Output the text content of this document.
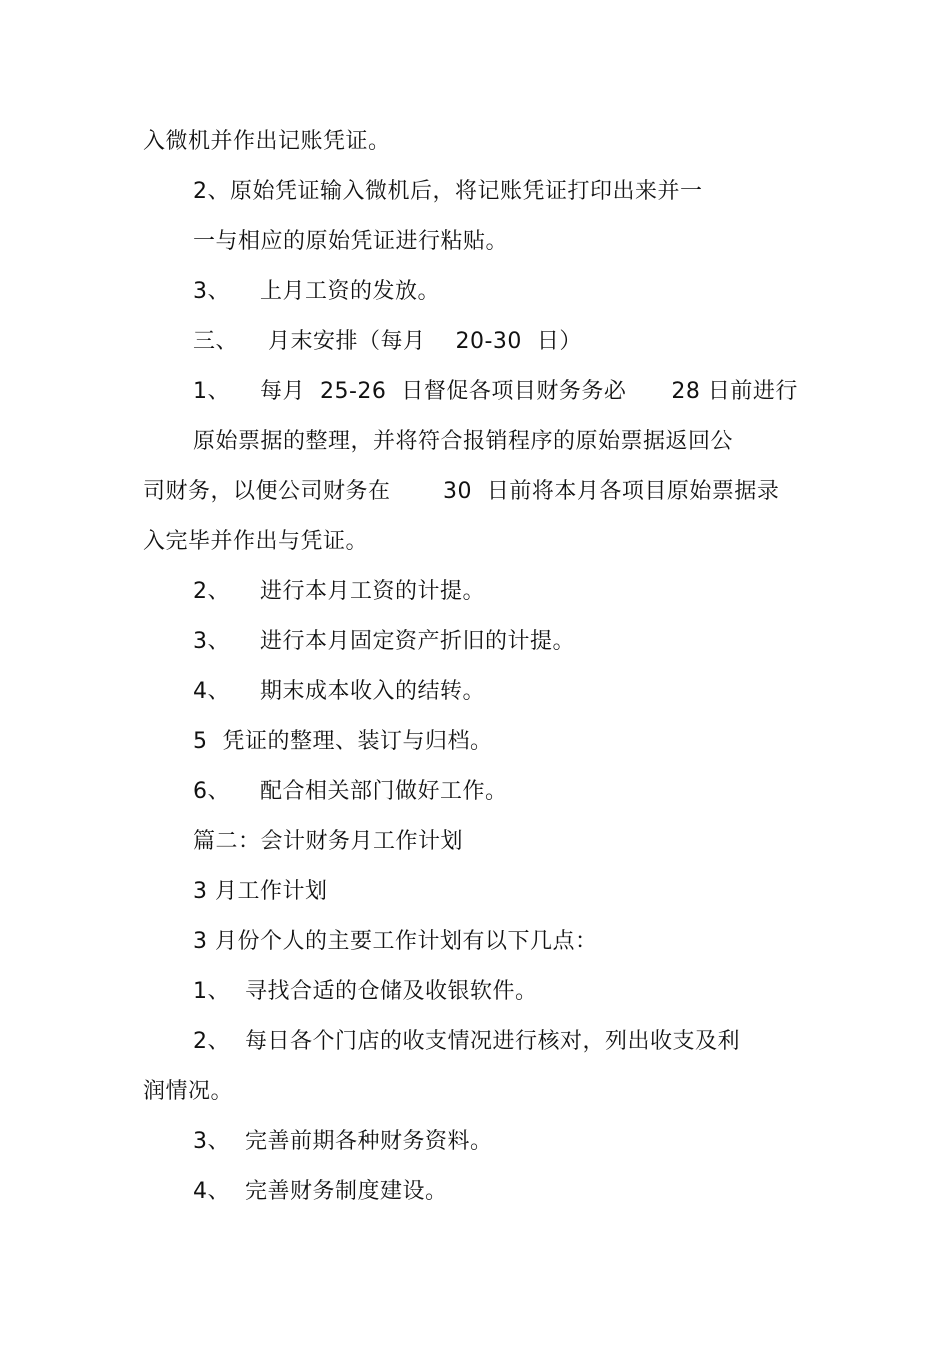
入微机并作出记账凭证。
2、原始凭证输入微机后，将记账凭证打印出来并一
一与相应的原始凭证进行粘贴。
3、    上月工资的发放。
三、    月末安排（每月    20-30  日）
1、    每月  25-26  日督促各项目财务务必      28 日前进行
原始票据的整理，并将符合报销程序的原始票据返回公
司财务，以便公司财务在       30  日前将本月各项目原始票据录
入完毕并作出与凭证。
2、    进行本月工资的计提。
3、    进行本月固定资产折旧的计提。
4、    期末成本收入的结转。
5  凭证的整理、装订与归档。
6、    配合相关部门做好工作。
篇二：会计财务月工作计划
3 月工作计划
3 月份个人的主要工作计划有以下几点：
1、  寻找合适的仓储及收银软件。
2、  每日各个门店的收支情况进行核对，列出收支及利
润情况。
3、  完善前期各种财务资料。
4、  完善财务制度建设。
